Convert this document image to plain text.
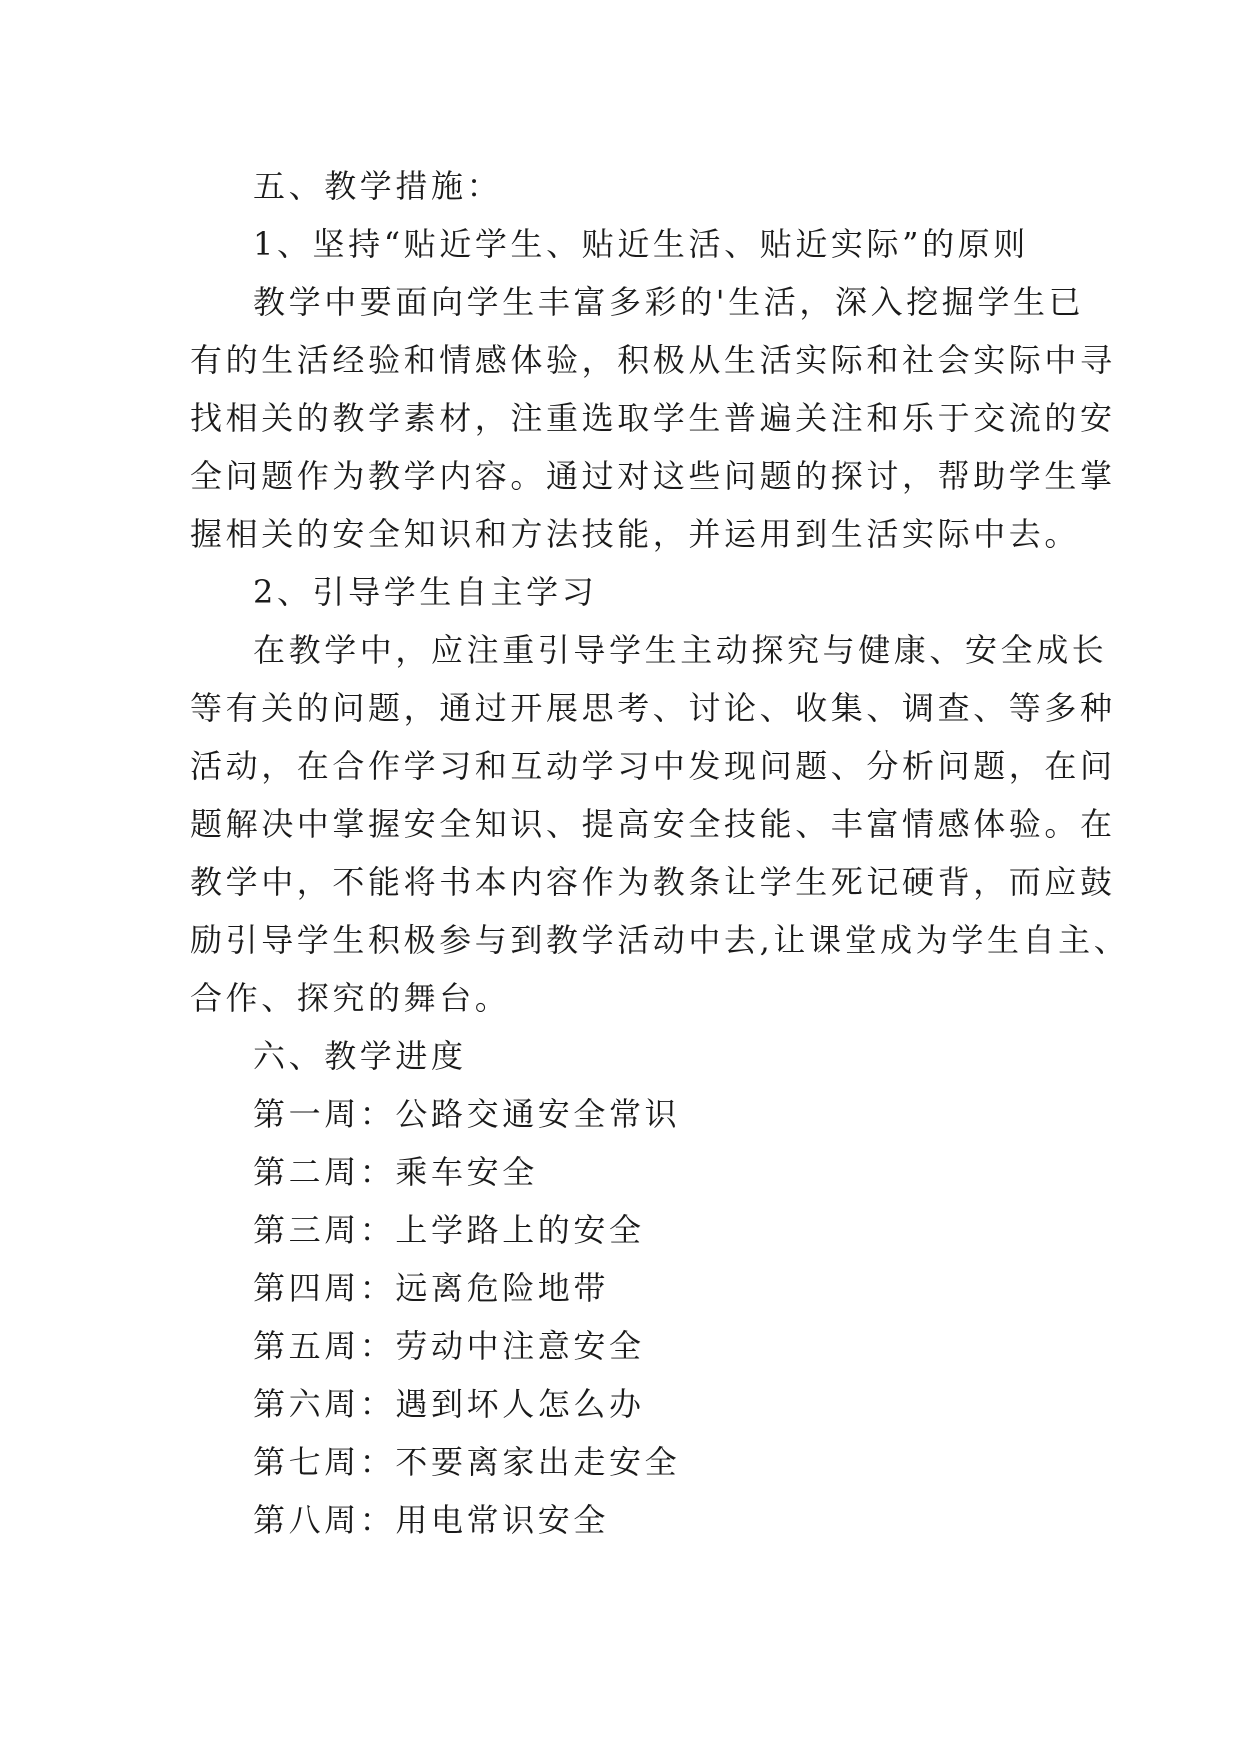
五、教学措施：

1、坚持“贴近学生、贴近生活、贴近实际”的原则

教学中要面向学生丰富多彩的'生活，深入挖掘学生已

有的生活经验和情感体验，积极从生活实际和社会实际中寻

找相关的教学素材，注重选取学生普遍关注和乐于交流的安

全问题作为教学内容。通过对这些问题的探讨，帮助学生掌

握相关的安全知识和方法技能，并运用到生活实际中去。

2、引导学生自主学习

在教学中，应注重引导学生主动探究与健康、安全成长

等有关的问题，通过开展思考、讨论、收集、调查、等多种

活动，在合作学习和互动学习中发现问题、分析问题，在问

题解决中掌握安全知识、提高安全技能、丰富情感体验。在

教学中，不能将书本内容作为教条让学生死记硬背，而应鼓

励引导学生积极参与到教学活动中去,让课堂成为学生自主、

合作、探究的舞台。

六、教学进度

第一周：公路交通安全常识

第二周：乘车安全

第三周：上学路上的安全

第四周：远离危险地带

第五周：劳动中注意安全

第六周：遇到坏人怎么办

第七周：不要离家出走安全

第八周：用电常识安全
